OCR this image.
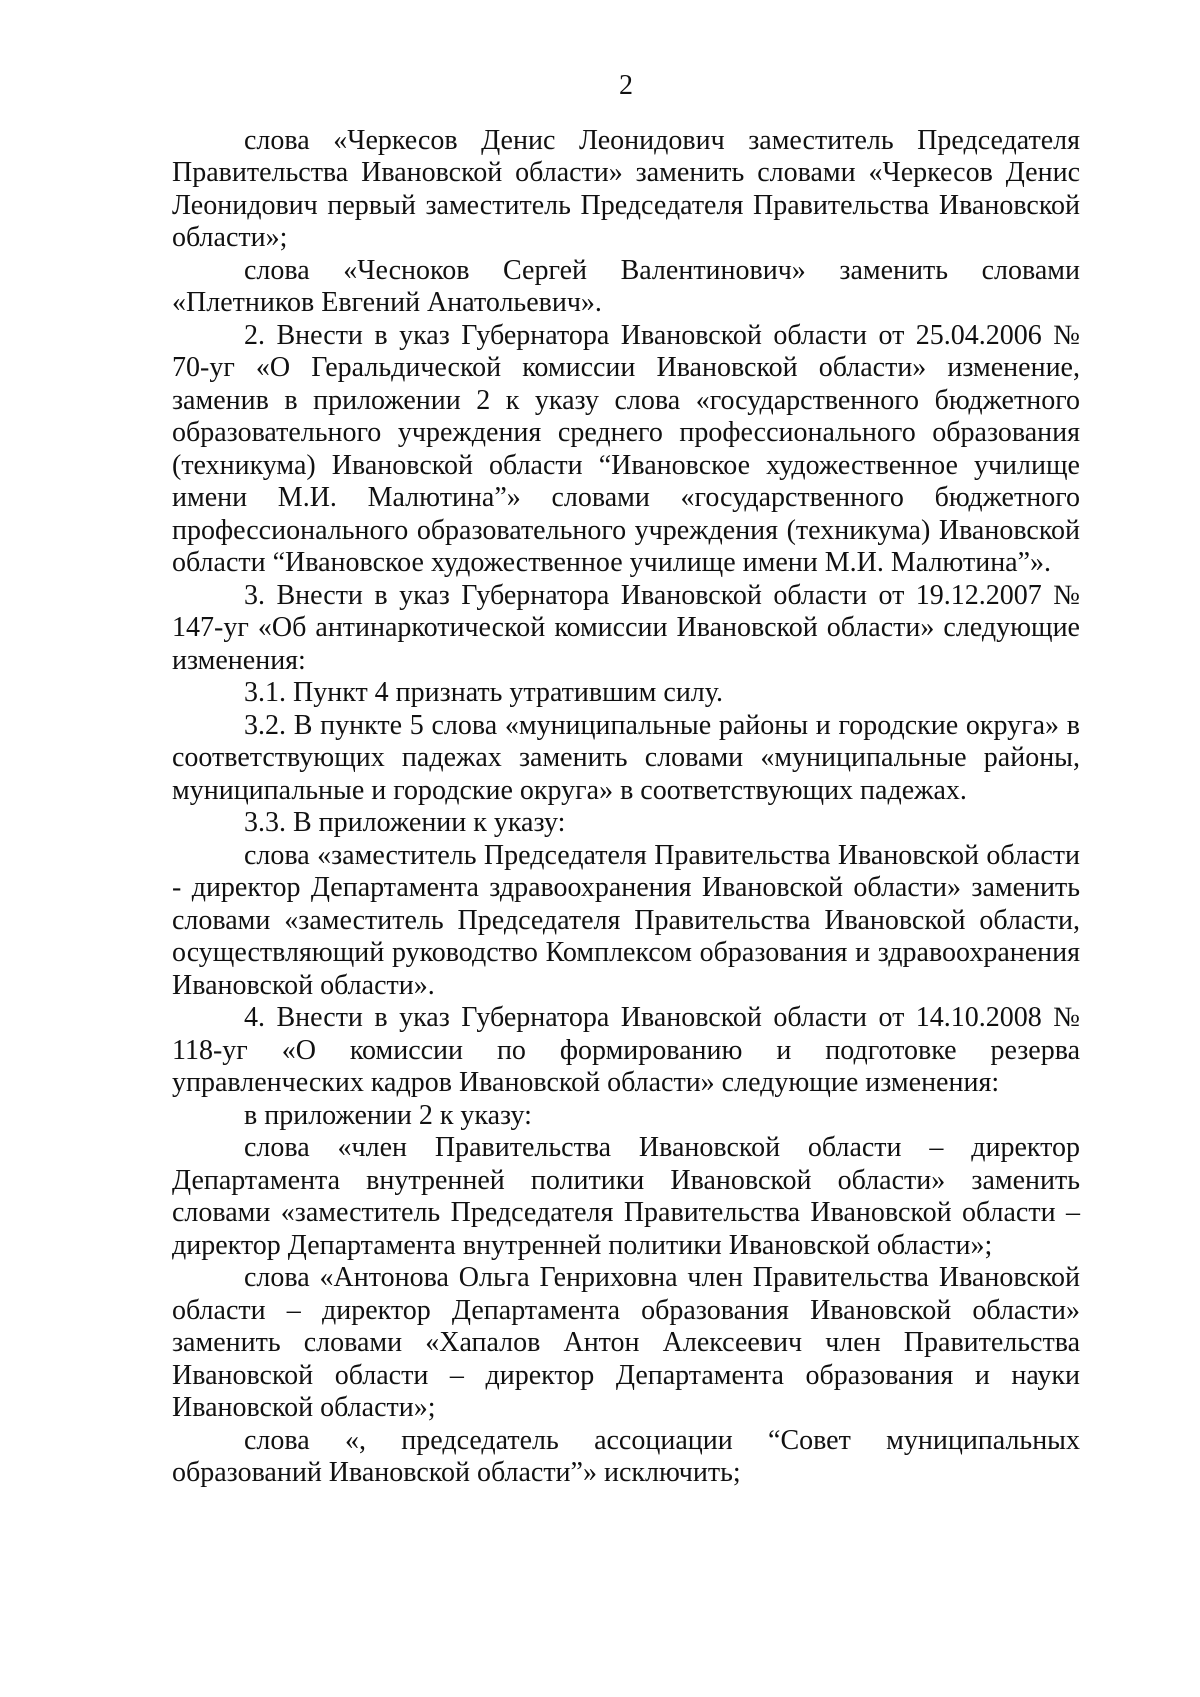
2

слова «Черкесов Денис Леонидович заместитель Председателя Правительства Ивановской области» заменить словами «Черкесов Денис Леонидович первый заместитель Председателя Правительства Ивановской области»;

слова «Чесноков Сергей Валентинович» заменить словами «Плетников Евгений Анатольевич».

2. Внести в указ Губернатора Ивановской области от 25.04.2006 № 70-уг «О Геральдической комиссии Ивановской области» изменение, заменив в приложении 2 к указу слова «государственного бюджетного образовательного учреждения среднего профессионального образования (техникума) Ивановской области “Ивановское художественное училище имени М.И. Малютина”» словами «государственного бюджетного профессионального образовательного учреждения (техникума) Ивановской области “Ивановское художественное училище имени М.И. Малютина”».

3. Внести в указ Губернатора Ивановской области от 19.12.2007 № 147-уг «Об антинаркотической комиссии Ивановской области» следующие изменения:

3.1. Пункт 4 признать утратившим силу.

3.2. В пункте 5 слова «муниципальные районы и городские округа» в соответствующих падежах заменить словами «муниципальные районы, муниципальные и городские округа» в соответствующих падежах.

3.3. В приложении к указу:

слова «заместитель Председателя Правительства Ивановской области - директор Департамента здравоохранения Ивановской области» заменить словами «заместитель Председателя Правительства Ивановской области, осуществляющий руководство Комплексом образования и здравоохранения Ивановской области».

4. Внести в указ Губернатора Ивановской области от 14.10.2008 № 118-уг «О комиссии по формированию и подготовке резерва управленческих кадров Ивановской области» следующие изменения:

в приложении 2 к указу:

слова «член Правительства Ивановской области – директор Департамента внутренней политики Ивановской области» заменить словами «заместитель Председателя Правительства Ивановской области – директор Департамента внутренней политики Ивановской области»;

слова «Антонова Ольга Генриховна член Правительства Ивановской области – директор Департамента образования Ивановской области» заменить словами «Хапалов Антон Алексеевич член Правительства Ивановской области – директор Департамента образования и науки Ивановской области»;

слова «, председатель ассоциации “Совет муниципальных образований Ивановской области”» исключить;
